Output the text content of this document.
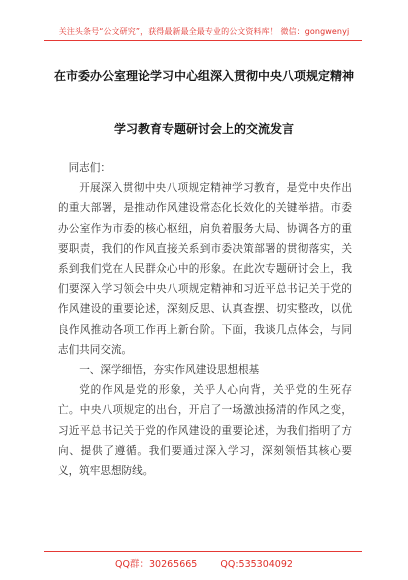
关注头条号“公文研究”，获得最新最全最专业的公文资料库！ 微信：gongwenyj
在市委办公室理论学习中心组深入贯彻中央八项规定精神
学习教育专题研讨会上的交流发言

同志们：

开展深入贯彻中央八项规定精神学习教育，是党中央作出的重大部署，是推动作风建设常态化长效化的关键举措。市委办公室作为市委的核心枢纽，肩负着服务大局、协调各方的重要职责，我们的作风直接关系到市委决策部署的贯彻落实，关系到我们党在人民群众心中的形象。在此次专题研讨会上，我们要深入学习领会中央八项规定精神和习近平总书记关于党的作风建设的重要论述，深刻反思、认真查摆、切实整改，以优良作风推动各项工作再上新台阶。下面，我谈几点体会，与同志们共同交流。

一、深学细悟，夯实作风建设思想根基

党的作风是党的形象，关乎人心向背，关乎党的生死存亡。中央八项规定的出台，开启了一场激浊扬清的作风之变，习近平总书记关于党的作风建设的重要论述，为我们指明了方向、提供了遵循。我们要通过深入学习，深刻领悟其核心要义，筑牢思想防线。

QQ群：30265665 QQ:535304092
